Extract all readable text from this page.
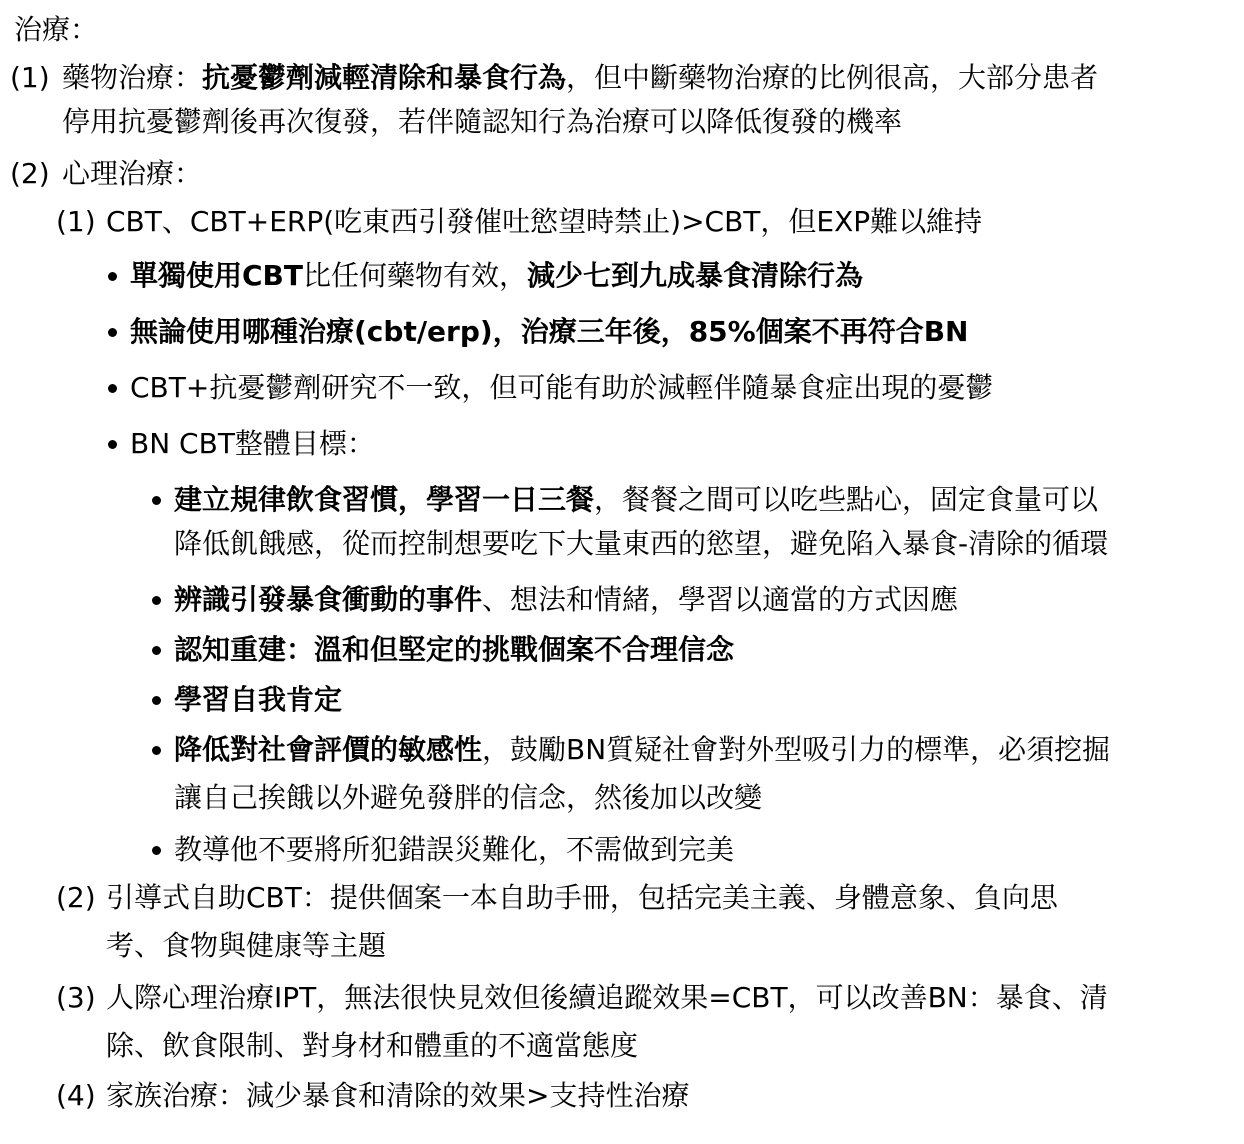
治療：
(1) 藥物治療：抗憂鬱劑減輕清除和暴食行為，但中斷藥物治療的比例很高，大部分患者
停用抗憂鬱劑後再次復發，若伴隨認知行為治療可以降低復發的機率
(2) 心理治療：
(1) CBT、CBT+ERP(吃東西引發催吐慾望時禁止)>CBT，但EXP難以維持
單獨使用CBT比任何藥物有效，減少七到九成暴食清除行為
無論使用哪種治療(cbt/erp)，治療三年後，85%個案不再符合BN
CBT+抗憂鬱劑研究不一致，但可能有助於減輕伴隨暴食症出現的憂鬱
BN CBT整體目標：
建立規律飲食習慣，學習一日三餐，餐餐之間可以吃些點心，固定食量可以
降低飢餓感，從而控制想要吃下大量東西的慾望，避免陷入暴食-清除的循環
辨識引發暴食衝動的事件、想法和情緒，學習以適當的方式因應
認知重建：溫和但堅定的挑戰個案不合理信念
學習自我肯定
降低對社會評價的敏感性，鼓勵BN質疑社會對外型吸引力的標準，必須挖掘
讓自己挨餓以外避免發胖的信念，然後加以改變
教導他不要將所犯錯誤災難化，不需做到完美
(2) 引導式自助CBT：提供個案一本自助手冊，包括完美主義、身體意象、負向思
考、食物與健康等主題
(3) 人際心理治療IPT，無法很快見效但後續追蹤效果=CBT，可以改善BN：暴食、清
除、飲食限制、對身材和體重的不適當態度
(4) 家族治療：減少暴食和清除的效果>支持性治療
